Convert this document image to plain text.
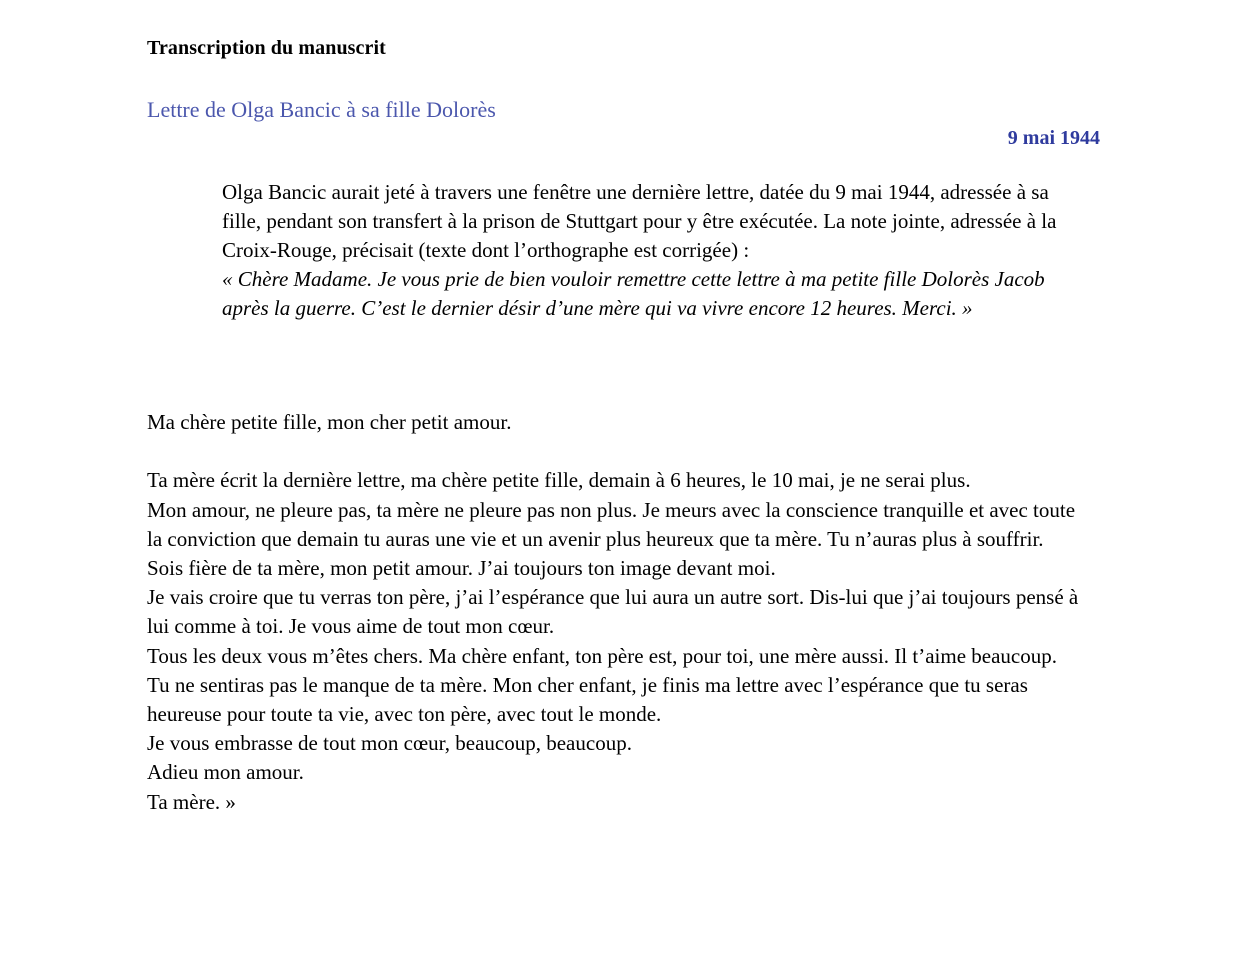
Transcription du manuscrit
Lettre de Olga Bancic à sa fille Dolorès
9 mai 1944

Olga Bancic aurait jeté à travers une fenêtre une dernière lettre, datée du 9 mai 1944, adressée à sa fille, pendant son transfert à la prison de Stuttgart pour y être exécutée. La note jointe, adressée à la Croix-Rouge, précisait (texte dont l’orthographe est corrigée) :

« Chère Madame. Je vous prie de bien vouloir remettre cette lettre à ma petite fille Dolorès Jacob après la guerre. C’est le dernier désir d’une mère qui va vivre encore 12 heures. Merci. »

Ma chère petite fille, mon cher petit amour.

Ta mère écrit la dernière lettre, ma chère petite fille, demain à 6 heures, le 10 mai, je ne serai plus.

Mon amour, ne pleure pas, ta mère ne pleure pas non plus. Je meurs avec la conscience tranquille et avec toute la conviction que demain tu auras une vie et un avenir plus heureux que ta mère. Tu n’auras plus à souffrir. Sois fière de ta mère, mon petit amour. J’ai toujours ton image devant moi.

Je vais croire que tu verras ton père, j’ai l’espérance que lui aura un autre sort. Dis-lui que j’ai toujours pensé à lui comme à toi. Je vous aime de tout mon cœur.

Tous les deux vous m’êtes chers. Ma chère enfant, ton père est, pour toi, une mère aussi. Il t’aime beaucoup.

Tu ne sentiras pas le manque de ta mère. Mon cher enfant, je finis ma lettre avec l’espérance que tu seras heureuse pour toute ta vie, avec ton père, avec tout le monde.

Je vous embrasse de tout mon cœur, beaucoup, beaucoup.

Adieu mon amour.

Ta mère. »
